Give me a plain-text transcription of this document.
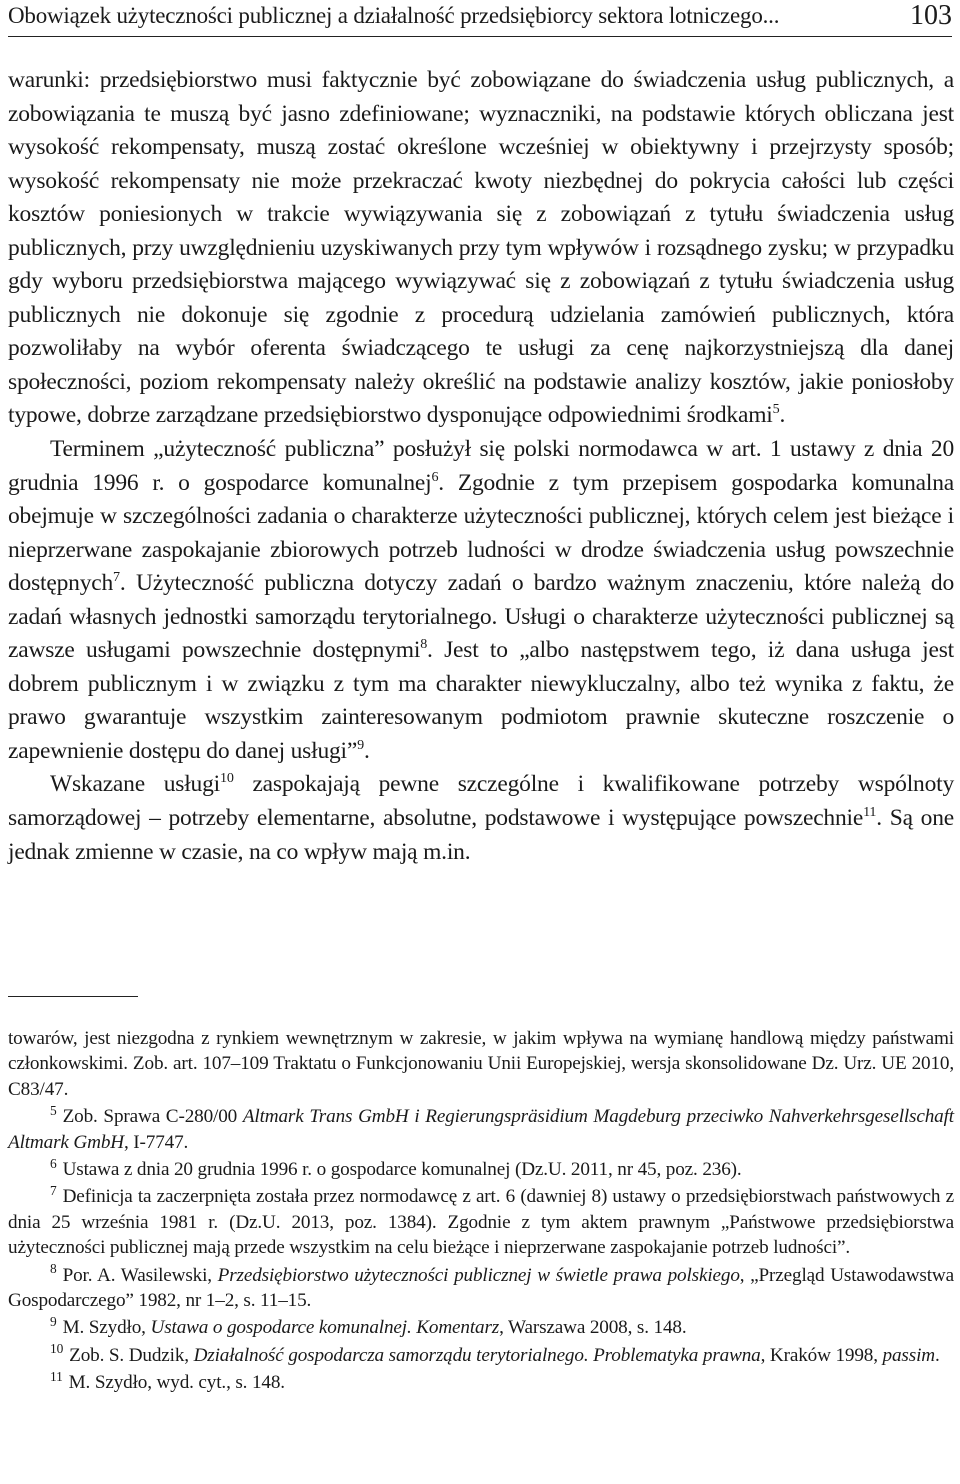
Obowiązek użyteczności publicznej a działalność przedsiębiorcy sektora lotniczego...	103

warunki: przedsiębiorstwo musi faktycznie być zobowiązane do świadczenia usług publicznych, a zobowiązania te muszą być jasno zdefiniowane; wyznaczniki, na podstawie których obliczana jest wysokość rekompensaty, muszą zostać określone wcześniej w obiektywny i przejrzysty sposób; wysokość rekompensaty nie może przekraczać kwoty niezbędnej do pokrycia całości lub części kosztów poniesionych w trakcie wywiązywania się z zobowiązań z tytułu świadczenia usług publicznych, przy uwzględnieniu uzyskiwanych przy tym wpływów i rozsądnego zysku; w przypadku gdy wyboru przedsiębiorstwa mającego wywiązywać się z zobowiązań z tytułu świadczenia usług publicznych nie dokonuje się zgodnie z procedurą udzielania zamówień publicznych, która pozwoliłaby na wybór oferenta świadczącego te usługi za cenę najkorzystniejszą dla danej społeczności, poziom rekompensaty należy określić na podstawie analizy kosztów, jakie poniosłoby typowe, dobrze zarządzane przedsiębiorstwo dysponujące odpowiednimi środkami$^5$.

Terminem „użyteczność publiczna” posłużył się polski normodawca w art. 1 ustawy z dnia 20 grudnia 1996 r. o gospodarce komunalnej$^6$. Zgodnie z tym przepisem gospodarka komunalna obejmuje w szczególności zadania o charakterze użyteczności publicznej, których celem jest bieżące i nieprzerwane zaspokajanie zbiorowych potrzeb ludności w drodze świadczenia usług powszechnie dostępnych$^7$. Użyteczność publiczna dotyczy zadań o bardzo ważnym znaczeniu, które należą do zadań własnych jednostki samorządu terytorialnego. Usługi o charakterze użyteczności publicznej są zawsze usługami powszechnie dostępnymi$^8$. Jest to „albo następstwem tego, iż dana usługa jest dobrem publicznym i w związku z tym ma charakter niewykluczalny, albo też wynika z faktu, że prawo gwarantuje wszystkim zainteresowanym podmiotom prawnie skuteczne roszczenie o zapewnienie dostępu do danej usługi”$^9$.

Wskazane usługi$^{10}$ zaspokajają pewne szczególne i kwalifikowane potrzeby wspólnoty samorządowej – potrzeby elementarne, absolutne, podstawowe i występujące powszechnie$^{11}$. Są one jednak zmienne w czasie, na co wpływ mają m.in.

towarów, jest niezgodna z rynkiem wewnętrznym w zakresie, w jakim wpływa na wymianę handlową między państwami członkowskimi. Zob. art. 107–109 Traktatu o Funkcjonowaniu Unii Europejskiej, wersja skonsolidowane Dz. Urz. UE 2010, C83/47.

$^5$ Zob. Sprawa C-280/00 Altmark Trans GmbH i Regierungspräsidium Magdeburg przeciwko Nahverkehrsgesellschaft Altmark GmbH, I-7747.

$^6$ Ustawa z dnia 20 grudnia 1996 r. o gospodarce komunalnej (Dz.U. 2011, nr 45, poz. 236).

$^7$ Definicja ta zaczerpnięta została przez normodawcę z art. 6 (dawniej 8) ustawy o przedsiębiorstwach państwowych z dnia 25 września 1981 r. (Dz.U. 2013, poz. 1384). Zgodnie z tym aktem prawnym „Państwowe przedsiębiorstwa użyteczności publicznej mają przede wszystkim na celu bieżące i nieprzerwane zaspokajanie potrzeb ludności”.

$^8$ Por. A. Wasilewski, Przedsiębiorstwo użyteczności publicznej w świetle prawa polskiego, „Przegląd Ustawodawstwa Gospodarczego” 1982, nr 1–2, s. 11–15.

$^9$ M. Szydło, Ustawa o gospodarce komunalnej. Komentarz, Warszawa 2008, s. 148.

$^{10}$ Zob. S. Dudzik, Działalność gospodarcza samorządu terytorialnego. Problematyka prawna, Kraków 1998, passim.

$^{11}$ M. Szydło, wyd. cyt., s. 148.
